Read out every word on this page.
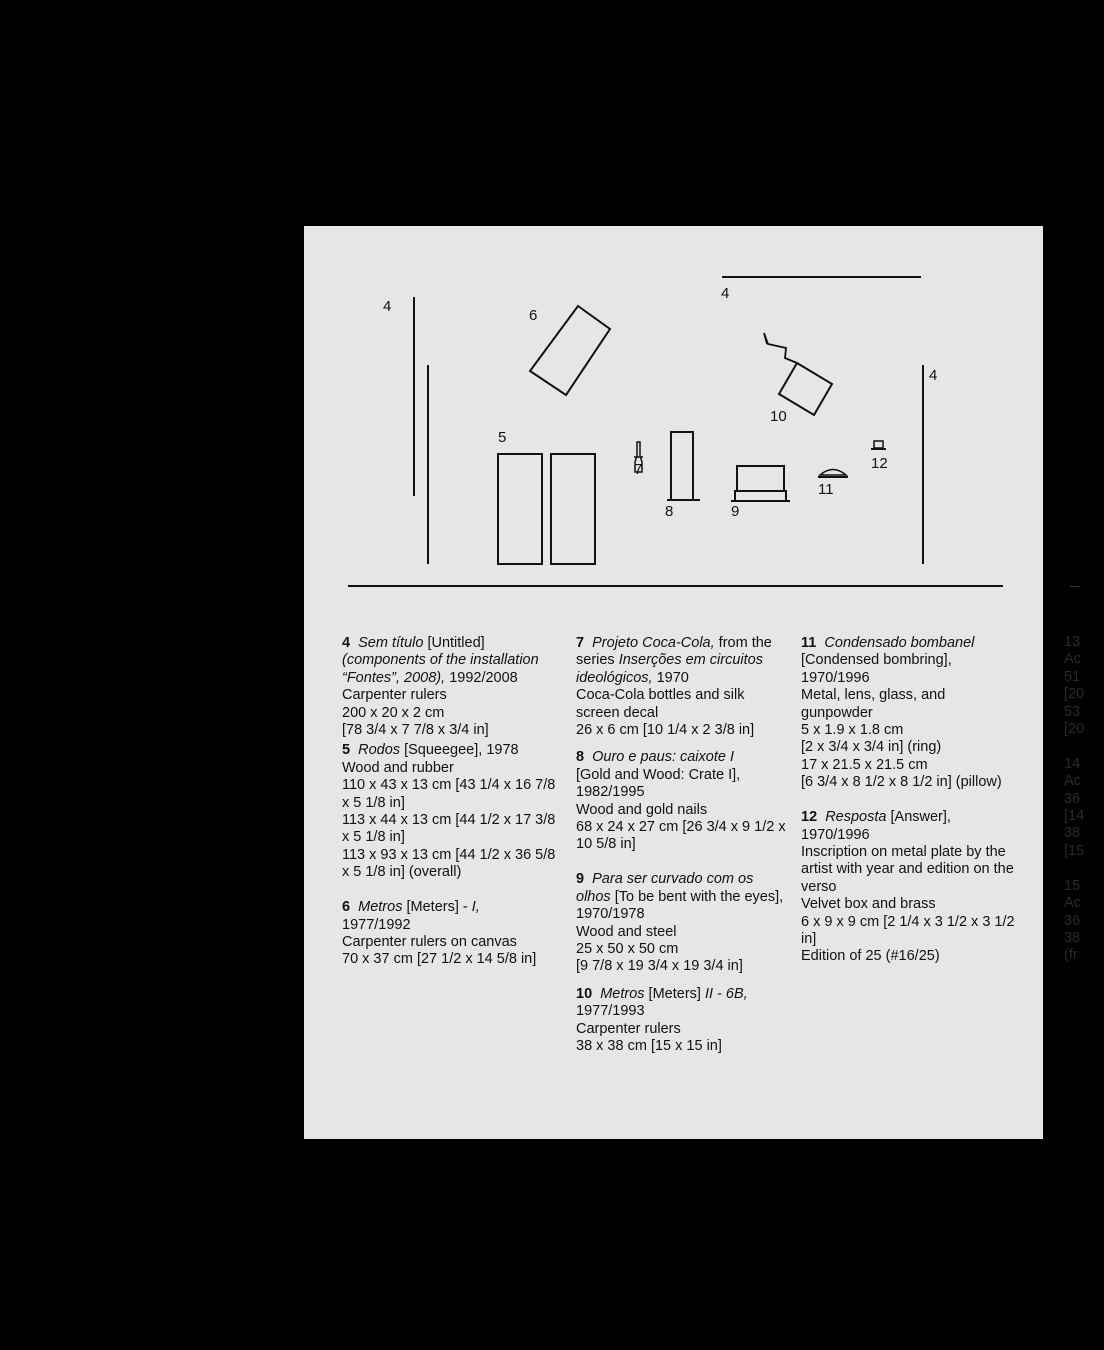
4
4
4
5
6
7
8	9
10
11
12

4 Sem título [Untitled]

(components of the installation “Fontes”, 2008), 1992/2008

Carpenter rulers

200 x 20 x 2 cm

[78 3/4 x 7 7/8 x 3/4 in]

5 Rodos [Squeegee], 1978

Wood and rubber

110 x 43 x 13 cm [43 1/4 x 16 7/8 x 5 1/8 in]

113 x 44 x 13 cm [44 1/2 x 17 3/8 x 5 1/8 in]

113 x 93 x 13 cm [44 1/2 x 36 5/8 x 5 1/8 in] (overall)

6 Metros [Meters] - I,

1977/1992

Carpenter rulers on canvas

70 x 37 cm [27 1/2 x 14 5/8 in]

7 Projeto Coca-Cola, from the series Inserções em circuitos ideológicos, 1970

Coca-Cola bottles and silk screen decal

26 x 6 cm [10 1/4 x 2 3/8 in]

8 Ouro e paus: caixote I

[Gold and Wood: Crate I], 1982/1995

Wood and gold nails

68 x 24 x 27 cm [26 3/4 x 9 1/2 x 10 5/8 in]

9 Para ser curvado com os olhos [To be bent with the eyes], 1970/1978

Wood and steel

25 x 50 x 50 cm

[9 7/8 x 19 3/4 x 19 3/4 in]

10 Metros [Meters] II - 6B,

1977/1993

Carpenter rulers

38 x 38 cm [15 x 15 in]

11 Condensado bombanel

[Condensed bombring], 1970/1996

Metal, lens, glass, and gunpowder

5 x 1.9 x 1.8 cm

[2 x 3/4 x 3/4 in] (ring)

17 x 21.5 x 21.5 cm

[6 3/4 x 8 1/2 x 8 1/2 in] (pillow)

12 Resposta [Answer], 1970/1996

Inscription on metal plate by the artist with year and edition on the verso

Velvet box and brass

6 x 9 x 9 cm [2 1/4 x 3 1/2 x 3 1/2 in]

Edition of 25 (#16/25)

13
Ac
51
[20
53
[20

14
Ac
36
[14
38
[15

15
Ac
36
38
(fr
